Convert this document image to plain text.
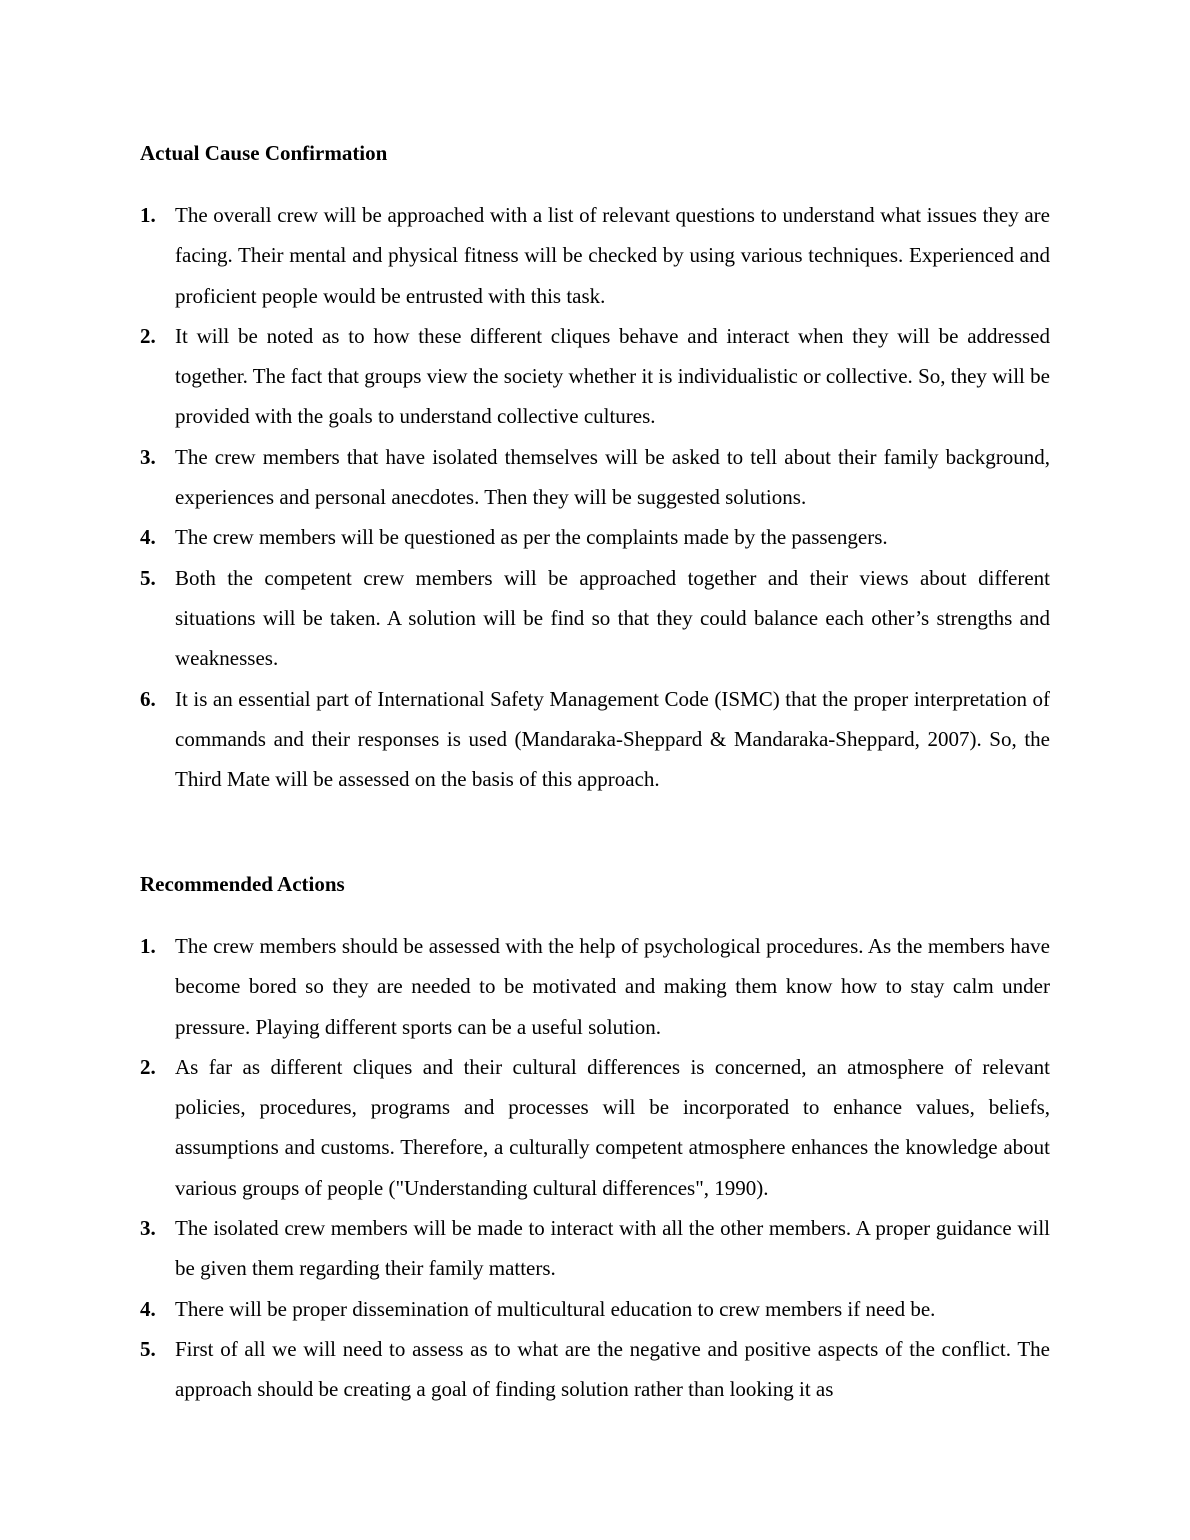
Actual Cause Confirmation
1. The overall crew will be approached with a list of relevant questions to understand what issues they are facing. Their mental and physical fitness will be checked by using various techniques. Experienced and proficient people would be entrusted with this task.
2. It will be noted as to how these different cliques behave and interact when they will be addressed together. The fact that groups view the society whether it is individualistic or collective. So, they will be provided with the goals to understand collective cultures.
3. The crew members that have isolated themselves will be asked to tell about their family background, experiences and personal anecdotes. Then they will be suggested solutions.
4. The crew members will be questioned as per the complaints made by the passengers.
5. Both the competent crew members will be approached together and their views about different situations will be taken. A solution will be find so that they could balance each other’s strengths and weaknesses.
6. It is an essential part of International Safety Management Code (ISMC) that the proper interpretation of commands and their responses is used (Mandaraka-Sheppard & Mandaraka-Sheppard, 2007). So, the Third Mate will be assessed on the basis of this approach.
Recommended Actions
1. The crew members should be assessed with the help of psychological procedures. As the members have become bored so they are needed to be motivated and making them know how to stay calm under pressure. Playing different sports can be a useful solution.
2. As far as different cliques and their cultural differences is concerned, an atmosphere of relevant policies, procedures, programs and processes will be incorporated to enhance values, beliefs, assumptions and customs. Therefore, a culturally competent atmosphere enhances the knowledge about various groups of people ("Understanding cultural differences", 1990).
3. The isolated crew members will be made to interact with all the other members. A proper guidance will be given them regarding their family matters.
4. There will be proper dissemination of multicultural education to crew members if need be.
5. First of all we will need to assess as to what are the negative and positive aspects of the conflict. The approach should be creating a goal of finding solution rather than looking it as
